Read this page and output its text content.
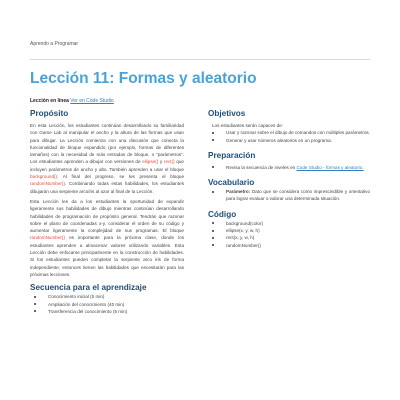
Aprendo a Programar
Lección 11: Formas y aleatorio
Lección en línea Ver en Code Studio
Propósito

En esta Lección, los estudiantes continúan desarrollando su familiaridad con Game Lab al manipular el ancho y la altura de las formas que usan para dibujar. La Lección comienza con una discusión que conecta la funcionalidad de bloque expandido (por ejemplo, formas de diferentes tamaños) con la necesidad de más entradas de bloque, o "parámetros". Los estudiantes aprenden a dibujar con versiones de ellipse() y rect() que incluyen parámetros de ancho y alto. También aprenden a usar el bloque background(). Al final del progreso, se les presenta el bloque randomNumber(). Combinando todas estas habilidades, los estudiantes dibujarán una serpiente arcoíris al azar al final de la Lección.

Esta Lección les da a los estudiantes la oportunidad de expandir ligeramente sus habilidades de dibujo mientras continúan desarrollando habilidades de programación de propósito general. Tendrán que razonar sobre el plano de coordenadas x-y, considerar el orden de su código y aumentar ligeramente la complejidad de sus programas. El bloque randomNumber() es importante para la próxima clase, donde los estudiantes aprenden a almacenar valores utilizando variables. Esta Lección debe enfocarse principalmente en la construcción de habilidades. Si los estudiantes pueden completar la serpiente arco iris de forma independiente, entonces tienen las habilidades que necesitarán para las próximas lecciones.

Secuencia para el aprendizaje
Conocimiento inicial (5 min)
Ampliación del conocimiento (40 min)
Transferencia del conocimiento (5 min)
Objetivos

Los estudiantes serán capaces de:

Usar y razonar sobre el dibujo de comandos con múltiples parámetros.
Generar y usar números aleatorios en un programa.
Preparación
Revisa la secuencia de niveles en Code Studio - formas y aleatorio.
Vocabulario
Parámetro: Dato que se considera como imprescindible y orientativo para lograr evaluar o valorar una determinada situación.
Código
background(color)
ellipse(x, y, w, h)
rect(x, y, w, h)
randomNumber()
